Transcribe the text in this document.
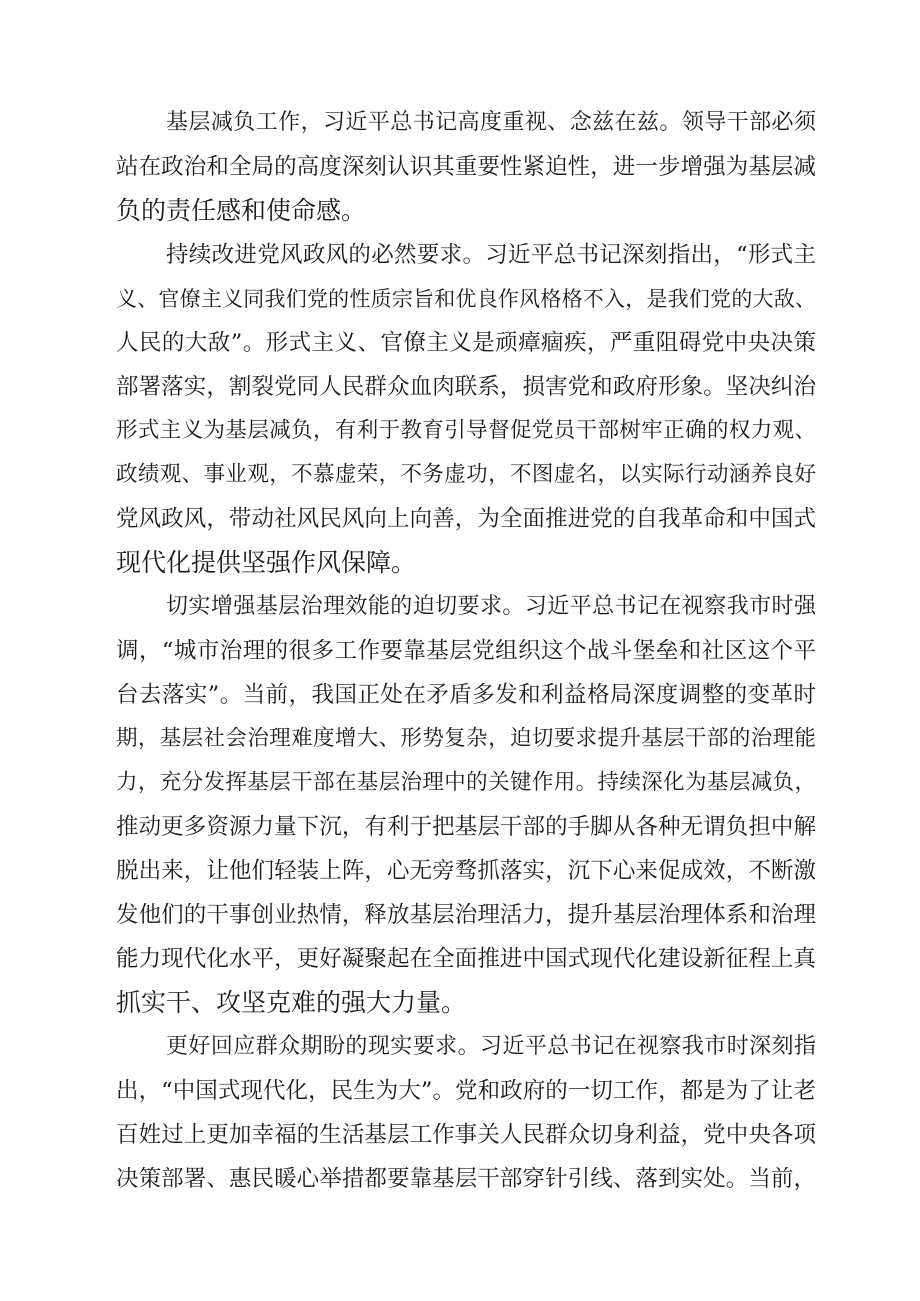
基层减负工作，习近平总书记高度重视、念兹在兹。领导干部必须

站在政治和全局的高度深刻认识其重要性紧迫性，进一步增强为基层减

负的责任感和使命感。

持续改进党风政风的必然要求。习近平总书记深刻指出，“形式主

义、官僚主义同我们党的性质宗旨和优良作风格格不入，是我们党的大敌、

人民的大敌”。形式主义、官僚主义是顽瘴痼疾，严重阻碍党中央决策

部署落实，割裂党同人民群众血肉联系，损害党和政府形象。坚决纠治

形式主义为基层减负，有利于教育引导督促党员干部树牢正确的权力观、

政绩观、事业观，不慕虚荣，不务虚功，不图虚名，以实际行动涵养良好

党风政风，带动社风民风向上向善，为全面推进党的自我革命和中国式

现代化提供坚强作风保障。

切实增强基层治理效能的迫切要求。习近平总书记在视察我市时强

调，“城市治理的很多工作要靠基层党组织这个战斗堡垒和社区这个平

台去落实”。当前，我国正处在矛盾多发和利益格局深度调整的变革时

期，基层社会治理难度增大、形势复杂，迫切要求提升基层干部的治理能

力，充分发挥基层干部在基层治理中的关键作用。持续深化为基层减负，

推动更多资源力量下沉，有利于把基层干部的手脚从各种无谓负担中解

脱出来，让他们轻装上阵，心无旁骛抓落实，沉下心来促成效，不断激

发他们的干事创业热情，释放基层治理活力，提升基层治理体系和治理

能力现代化水平，更好凝聚起在全面推进中国式现代化建设新征程上真

抓实干、攻坚克难的强大力量。

更好回应群众期盼的现实要求。习近平总书记在视察我市时深刻指

出，“中国式现代化，民生为大”。党和政府的一切工作，都是为了让老

百姓过上更加幸福的生活基层工作事关人民群众切身利益，党中央各项

决策部署、惠民暖心举措都要靠基层干部穿针引线、落到实处。当前，
